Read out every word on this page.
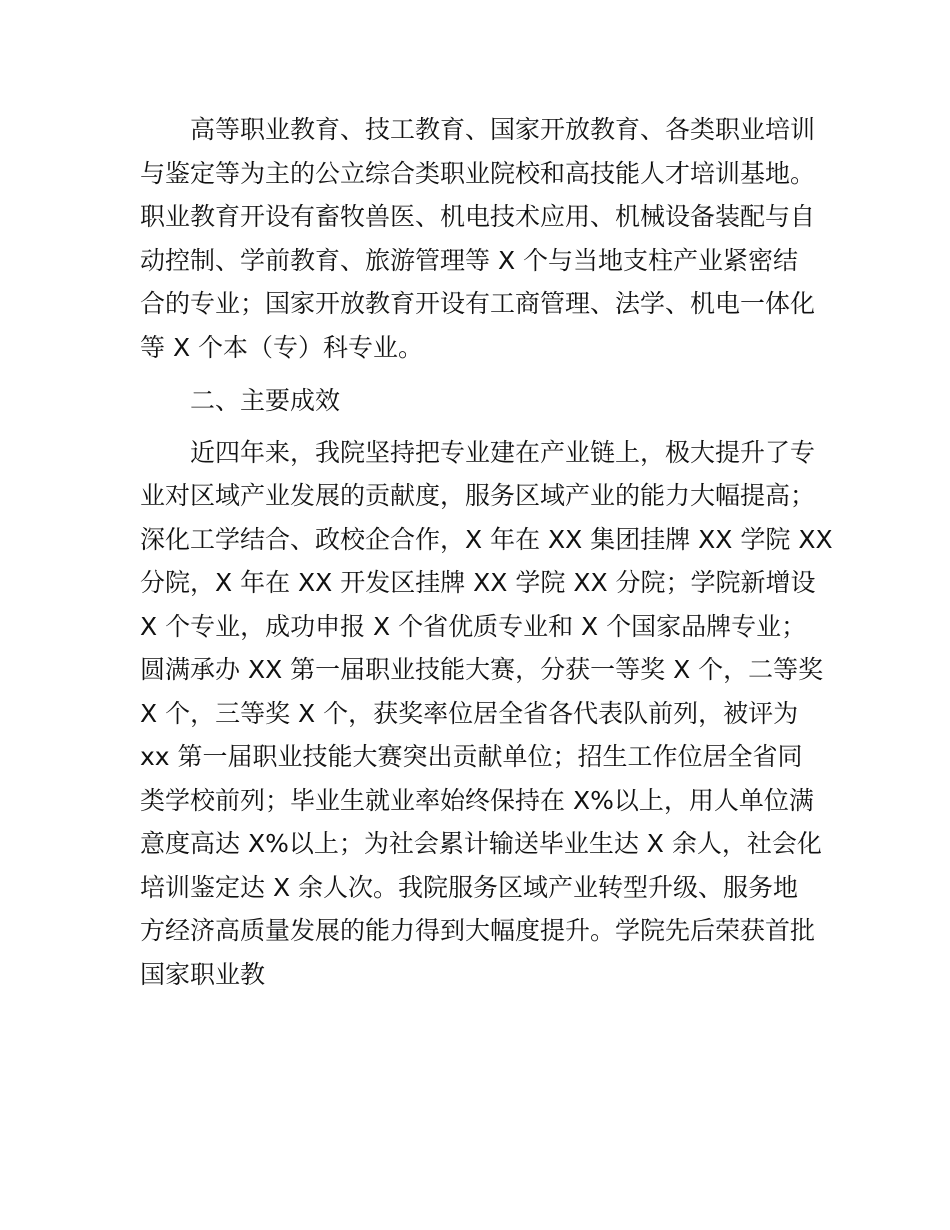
高等职业教育、技工教育、国家开放教育、各类职业培训
与鉴定等为主的公立综合类职业院校和高技能人才培训基地。
职业教育开设有畜牧兽医、机电技术应用、机械设备装配与自
动控制、学前教育、旅游管理等 X 个与当地支柱产业紧密结
合的专业；国家开放教育开设有工商管理、法学、机电一体化
等 X 个本（专）科专业。
二、主要成效
近四年来，我院坚持把专业建在产业链上，极大提升了专
业对区域产业发展的贡献度，服务区域产业的能力大幅提高；
深化工学结合、政校企合作，X 年在 XX 集团挂牌 XX 学院 XX
分院，X 年在 XX 开发区挂牌 XX 学院 XX 分院；学院新增设
X 个专业，成功申报 X 个省优质专业和 X 个国家品牌专业；
圆满承办 XX 第一届职业技能大赛，分获一等奖 X 个，二等奖
X 个，三等奖 X 个，获奖率位居全省各代表队前列，被评为
xx 第一届职业技能大赛突出贡献单位；招生工作位居全省同
类学校前列；毕业生就业率始终保持在 X%以上，用人单位满
意度高达 X%以上；为社会累计输送毕业生达 X 余人，社会化
培训鉴定达 X 余人次。我院服务区域产业转型升级、服务地
方经济高质量发展的能力得到大幅度提升。学院先后荣获首批
国家职业教
